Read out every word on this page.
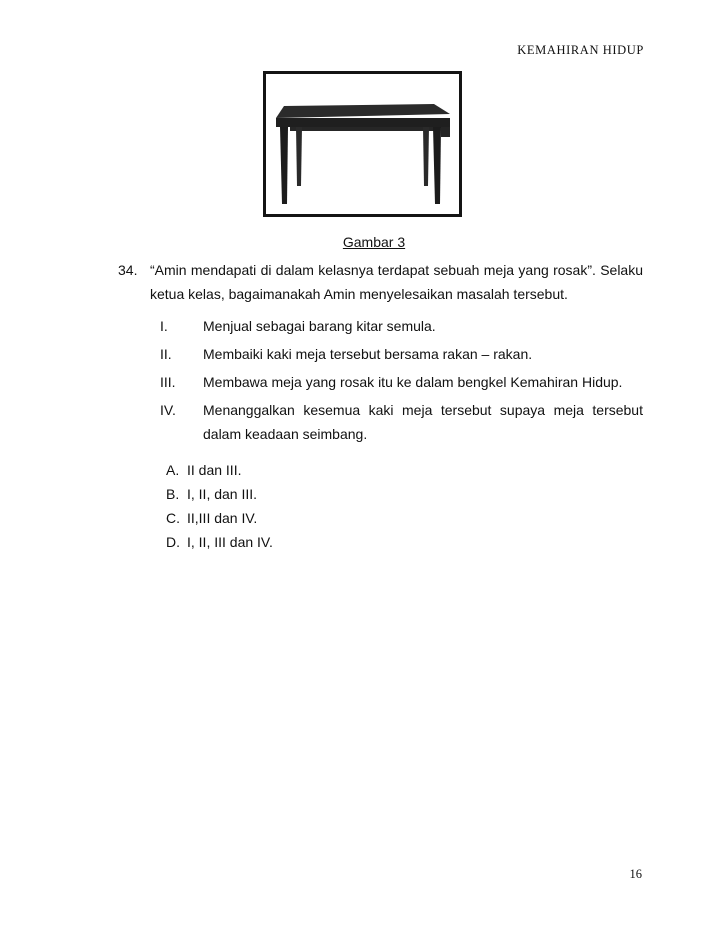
KEMAHIRAN HIDUP
Gambar 3
34. “Amin mendapati di dalam kelasnya terdapat sebuah meja yang rosak”. Selaku ketua kelas, bagaimanakah Amin menyelesaikan masalah tersebut.
I.	Menjual sebagai barang kitar semula.
II. Membaiki kaki meja tersebut bersama rakan – rakan.
III. Membawa meja yang rosak itu ke dalam bengkel Kemahiran Hidup.
IV. Menanggalkan kesemua kaki meja tersebut supaya meja tersebut dalam keadaan seimbang.
A. II dan III.
B. I, II, dan III.
C. II,III dan IV.
D. I, II, III dan IV.
16
